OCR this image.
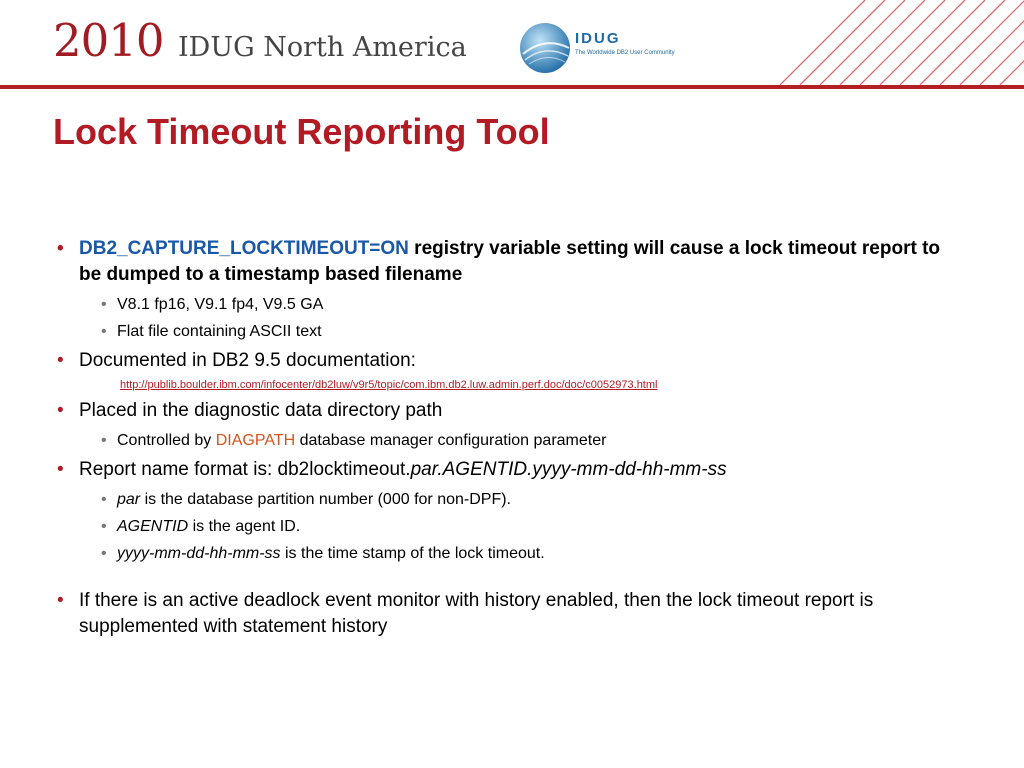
2010 IDUG North America	IDUG
The Worldwide DB2 User Community
Lock Timeout Reporting Tool
• DB2_CAPTURE_LOCKTIMEOUT=ON registry variable setting will cause a lock timeout report to be dumped to a timestamp based filename
• V8.1 fp16, V9.1 fp4, V9.5 GA
• Flat file containing ASCII text
• Documented in DB2 9.5 documentation:
http://publib.boulder.ibm.com/infocenter/db2luw/v9r5/topic/com.ibm.db2.luw.admin.perf.doc/doc/c0052973.html
• Placed in the diagnostic data directory path
• Controlled by DIAGPATH database manager configuration parameter
• Report name format is: db2locktimeout.par.AGENTID.yyyy-mm-dd-hh-mm-ss
• par is the database partition number (000 for non-DPF).
• AGENTID is the agent ID.
• yyyy-mm-dd-hh-mm-ss is the time stamp of the lock timeout.
• If there is an active deadlock event monitor with history enabled, then the lock timeout report is supplemented with statement history
